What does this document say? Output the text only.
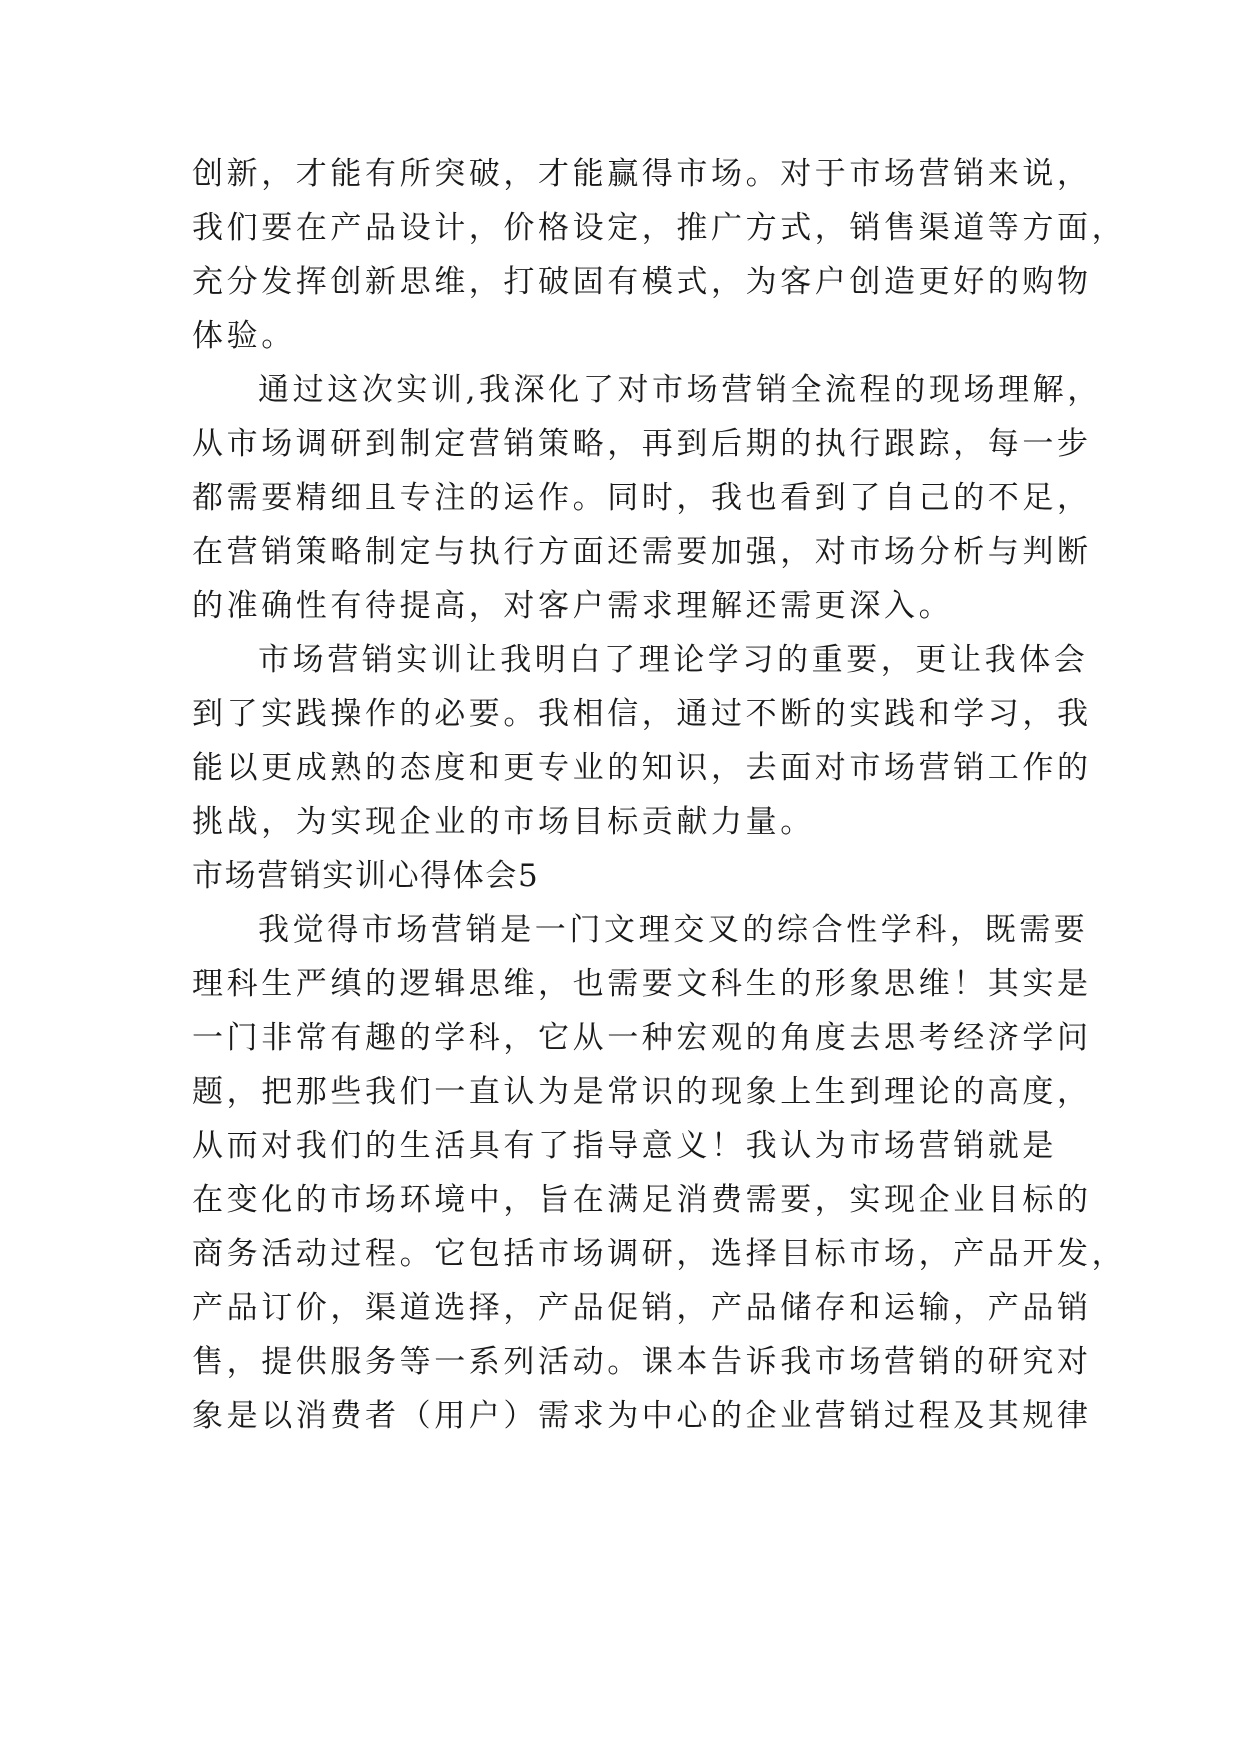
创新，才能有所突破，才能赢得市场。对于市场营销来说，
我们要在产品设计，价格设定，推广方式，销售渠道等方面，
充分发挥创新思维，打破固有模式，为客户创造更好的购物
体验。
通过这次实训,我深化了对市场营销全流程的现场理解，
从市场调研到制定营销策略，再到后期的执行跟踪，每一步
都需要精细且专注的运作。同时，我也看到了自己的不足，
在营销策略制定与执行方面还需要加强，对市场分析与判断
的准确性有待提高，对客户需求理解还需更深入。
市场营销实训让我明白了理论学习的重要，更让我体会
到了实践操作的必要。我相信，通过不断的实践和学习，我
能以更成熟的态度和更专业的知识，去面对市场营销工作的
挑战，为实现企业的市场目标贡献力量。
市场营销实训心得体会5
我觉得市场营销是一门文理交叉的综合性学科，既需要
理科生严缜的逻辑思维，也需要文科生的形象思维！其实是
一门非常有趣的学科，它从一种宏观的角度去思考经济学问
题，把那些我们一直认为是常识的现象上生到理论的高度，
从而对我们的生活具有了指导意义！我认为市场营销就是
在变化的市场环境中，旨在满足消费需要，实现企业目标的
商务活动过程。它包括市场调研，选择目标市场，产品开发，
产品订价，渠道选择，产品促销，产品储存和运输，产品销
售，提供服务等一系列活动。课本告诉我市场营销的研究对
象是以消费者（用户）需求为中心的企业营销过程及其规律
